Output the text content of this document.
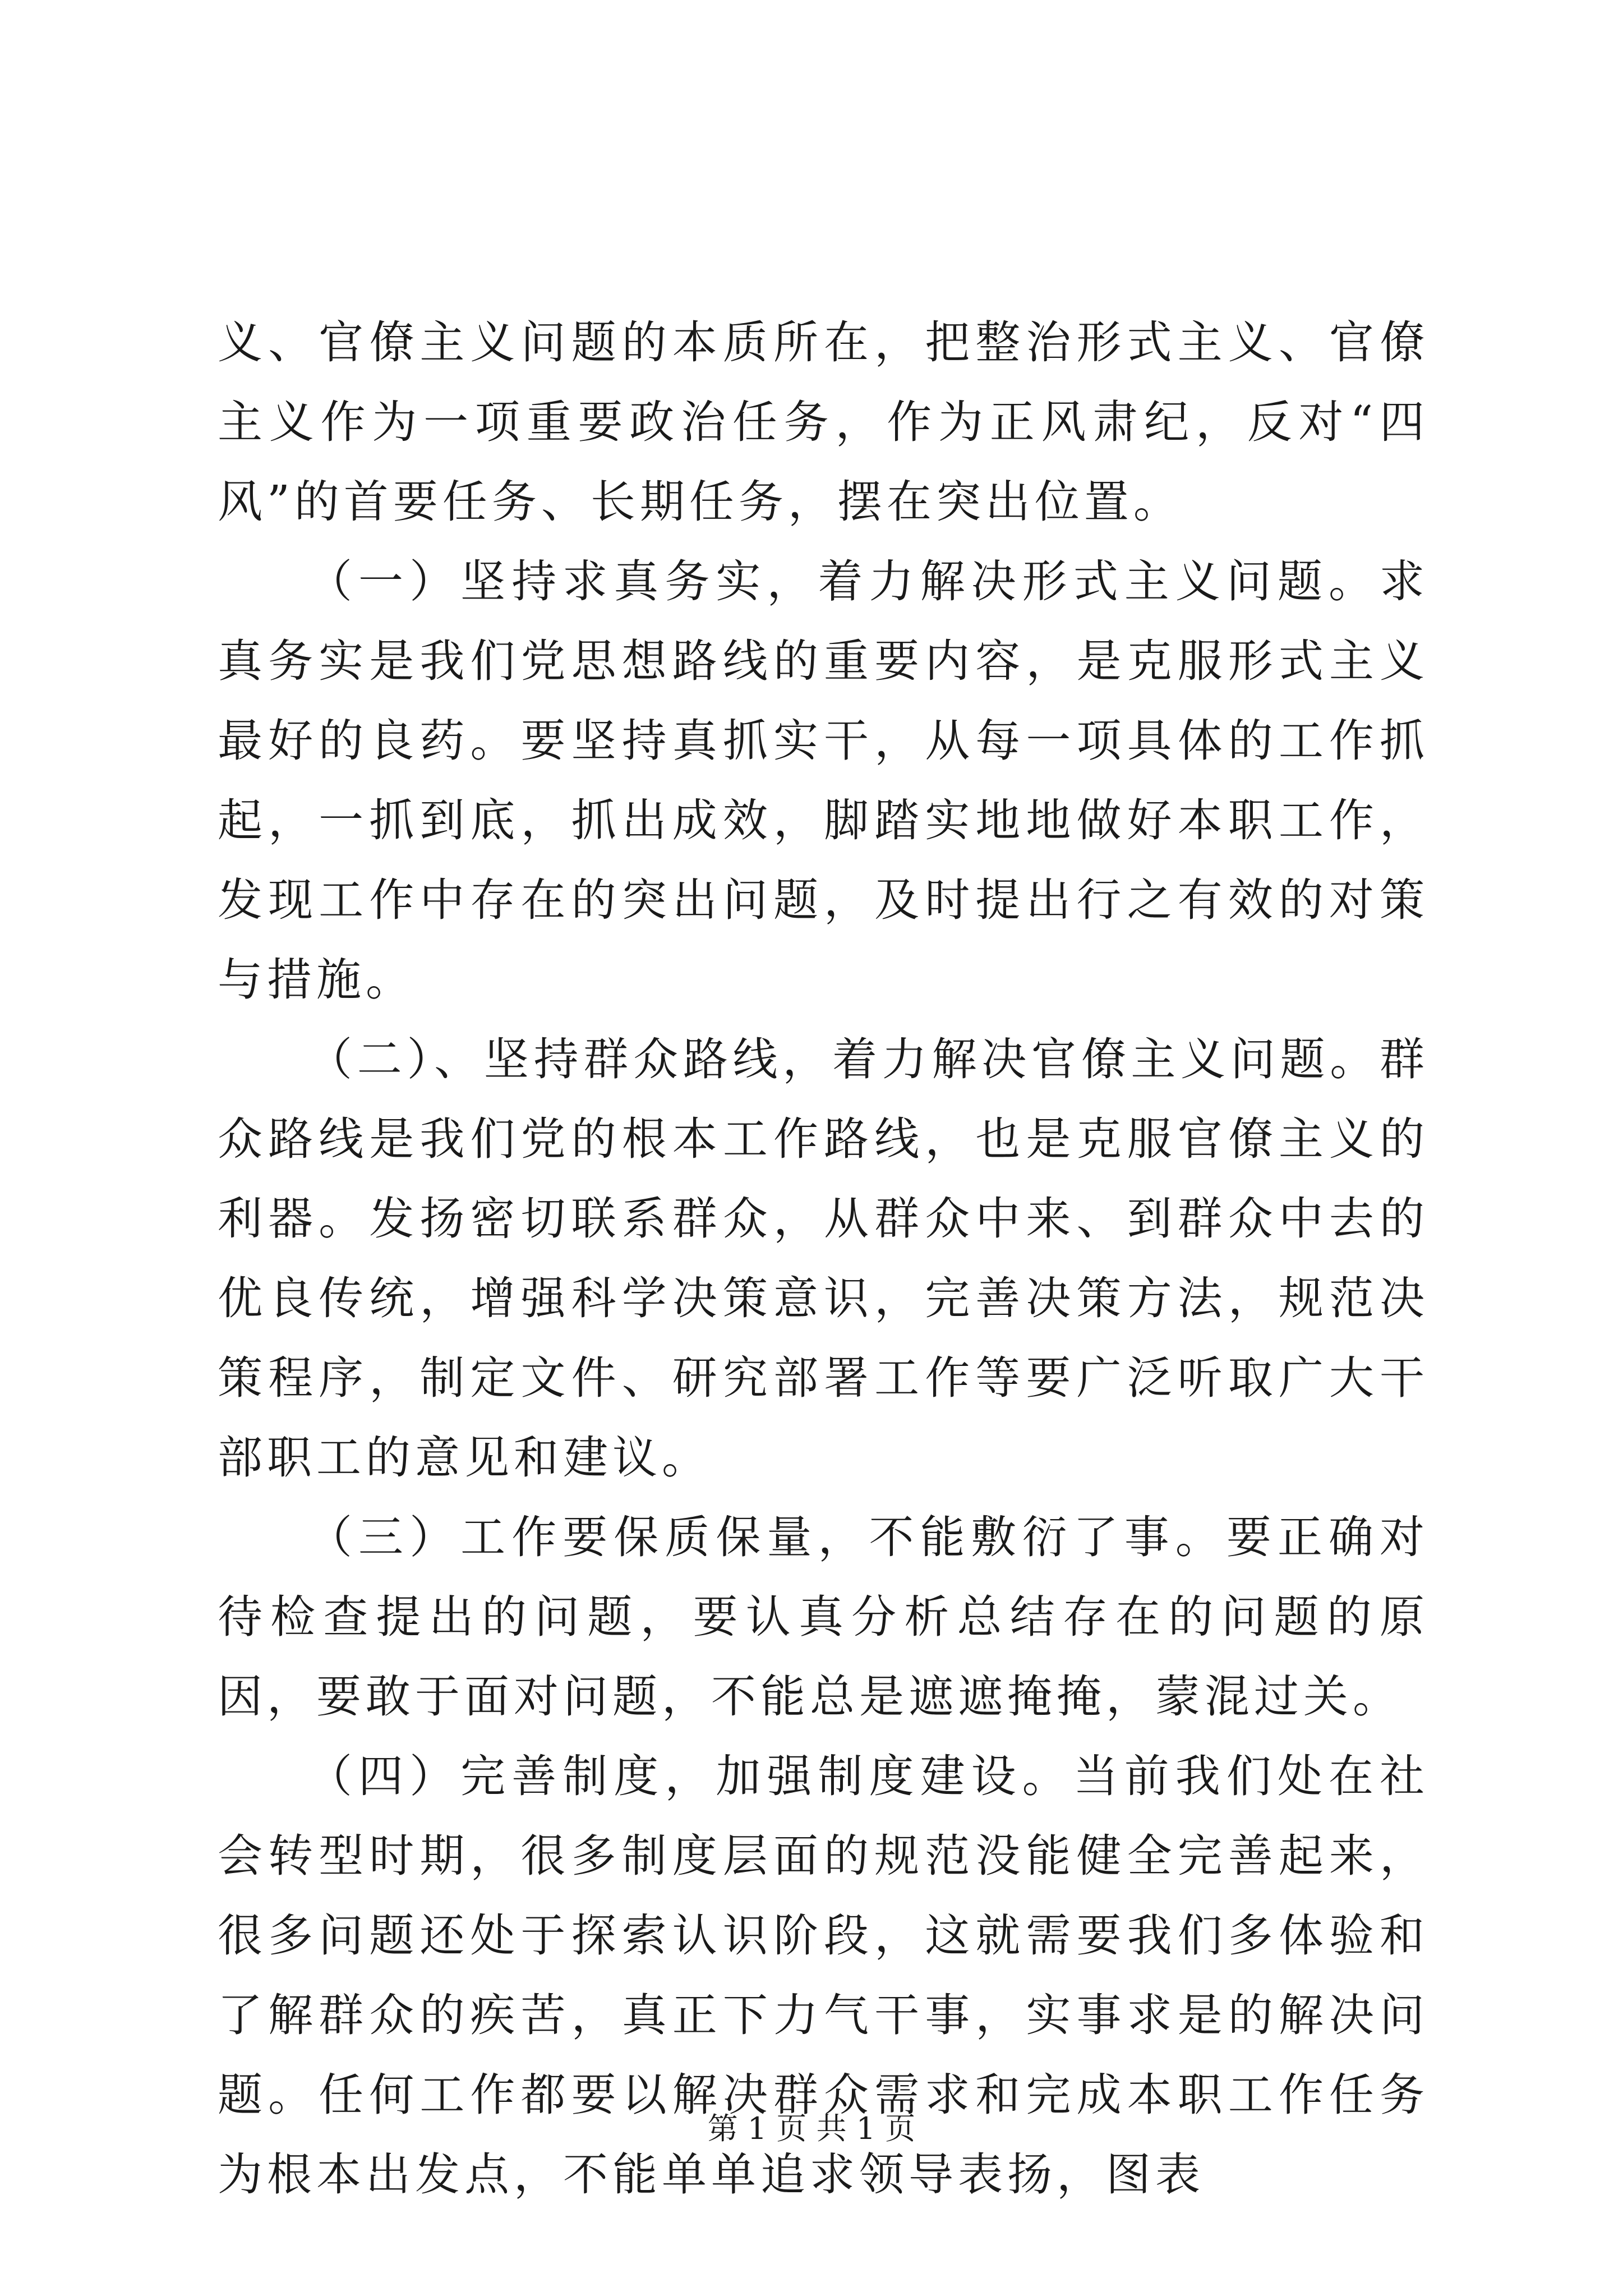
义、官僚主义问题的本质所在，把整治形式主义、官僚主义作为一项重要政治任务，作为正风肃纪，反对“四风”的首要任务、长期任务，摆在突出位置。

（一）坚持求真务实，着力解决形式主义问题。求真务实是我们党思想路线的重要内容，是克服形式主义最好的良药。要坚持真抓实干，从每一项具体的工作抓起，一抓到底，抓出成效，脚踏实地地做好本职工作，发现工作中存在的突出问题，及时提出行之有效的对策与措施。

（二）、坚持群众路线，着力解决官僚主义问题。群众路线是我们党的根本工作路线，也是克服官僚主义的利器。发扬密切联系群众，从群众中来、到群众中去的优良传统，增强科学决策意识，完善决策方法，规范决策程序，制定文件、研究部署工作等要广泛听取广大干部职工的意见和建议。

（三）工作要保质保量，不能敷衍了事。要正确对待检查提出的问题，要认真分析总结存在的问题的原因，要敢于面对问题，不能总是遮遮掩掩，蒙混过关。

（四）完善制度，加强制度建设。当前我们处在社会转型时期，很多制度层面的规范没能健全完善起来，很多问题还处于探索认识阶段，这就需要我们多体验和了解群众的疾苦，真正下力气干事，实事求是的解决问题。任何工作都要以解决群众需求和完成本职工作任务为根本出发点，不能单单追求领导表扬，图表

第 1 页 共 1 页
